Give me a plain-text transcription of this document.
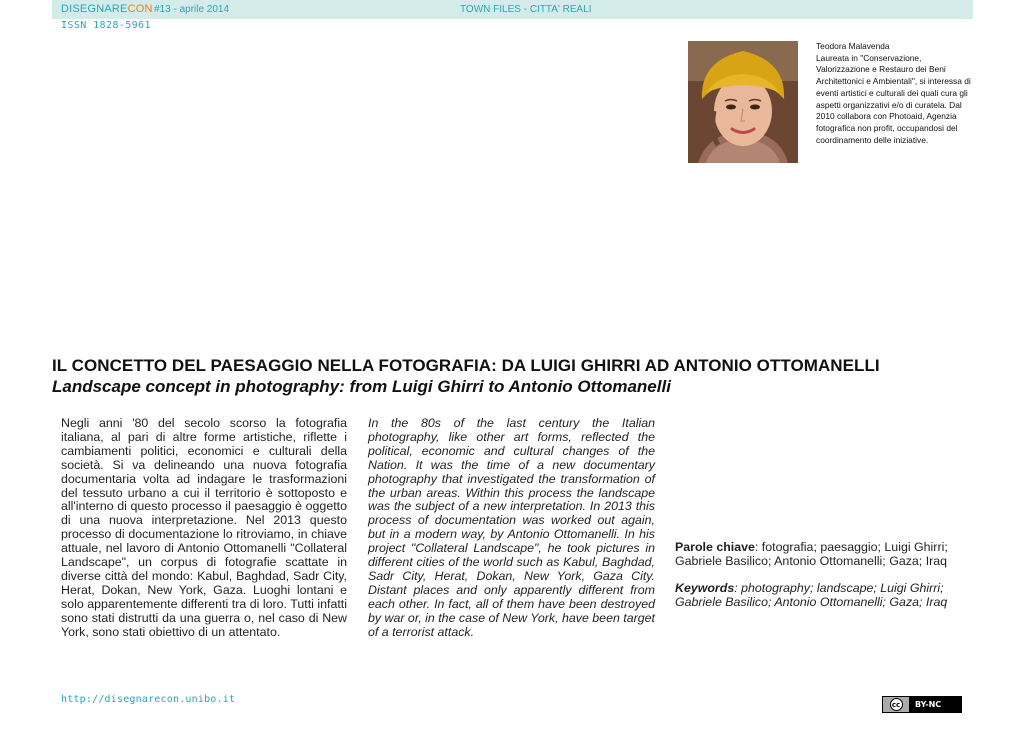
DISEGNARECON #13 - aprile 2014	TOWN FILES - CITTA' REALI
ISSN 1828-5961
Teodora Malavenda
Laureata in "Conservazione, Valorizzazione e Restauro dei Beni Architettonici e Ambientali", si interessa di eventi artistici e culturali dei quali cura gli aspetti organizzativi e/o di curatela. Dal 2010 collabora con Photoaid, Agenzia fotografica non profit, occupandosi del coordinamento delle iniziative.
IL CONCETTO DEL PAESAGGIO NELLA FOTOGRAFIA: DA LUIGI GHIRRI AD ANTONIO OTTOMANELLI
Landscape concept in photography: from Luigi Ghirri to Antonio Ottomanelli
Negli anni '80 del secolo scorso la fotografia italiana, al pari di altre forme artistiche, riflette i cambiamenti politici, economici e culturali della società. Si va delineando una nuova fotografia documentaria volta ad indagare le trasformazioni del tessuto urbano a cui il territorio è sottoposto e all'interno di questo processo il paesaggio è oggetto di una nuova interpretazione. Nel 2013 questo processo di documentazione lo ritroviamo, in chiave attuale, nel lavoro di Antonio Ottomanelli "Collateral Landscape", un corpus di fotografie scattate in diverse città del mondo: Kabul, Baghdad, Sadr City, Herat, Dokan, New York, Gaza. Luoghi lontani e solo apparentemente differenti tra di loro. Tutti infatti sono stati distrutti da una guerra o, nel caso di New York, sono stati obiettivo di un attentato.
In the 80s of the last century the Italian photography, like other art forms, reflected the political, economic and cultural changes of the Nation. It was the time of a new documentary photography that investigated the transformation of the urban areas. Within this process the landscape was the subject of a new interpretation. In 2013 this process of documentation was worked out again, but in a modern way, by Antonio Ottomanelli. In his project "Collateral Landscape", he took pictures in different cities of the world such as Kabul, Baghdad, Sadr City, Herat, Dokan, New York, Gaza City. Distant places and only apparently different from each other. In fact, all of them have been destroyed by war or, in the case of New York, have been target of a terrorist attack.
Parole chiave: fotografia; paesaggio; Luigi Ghirri; Gabriele Basilico; Antonio Ottomanelli; Gaza; Iraq
Keywords: photography; landscape; Luigi Ghirri; Gabriele Basilico; Antonio Ottomanelli; Gaza; Iraq
http://disegnarecon.unibo.it	cc	BY-NC
